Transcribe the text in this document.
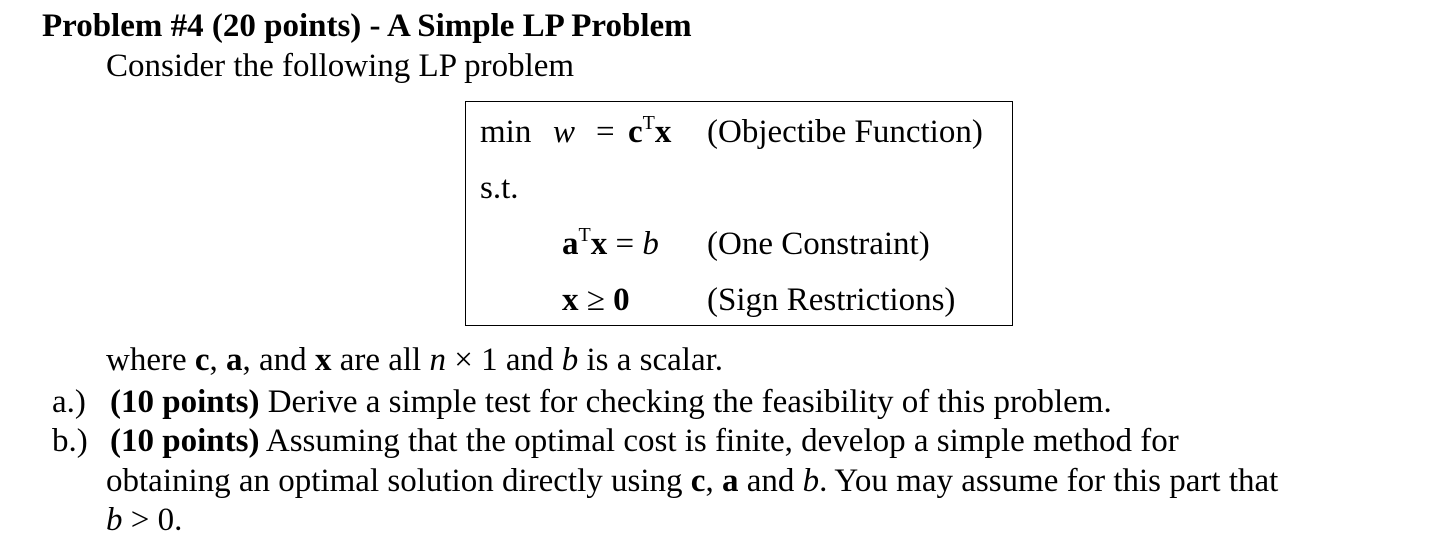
Problem #4 (20 points) - A Simple LP Problem
Consider the following LP problem
$\min w = c^Tx$ (Objectibe Function)
s.t.
$a^Tx = b$ (One Constraint)
x ≥ 0 (Sign Restrictions)
where c, a, and x are all n × 1 and b is a scalar.
a.) (10 points) Derive a simple test for checking the feasibility of this problem.
b.) (10 points) Assuming that the optimal cost is finite, develop a simple method for
obtaining an optimal solution directly using c, a and b. You may assume for this part that
b > 0.
